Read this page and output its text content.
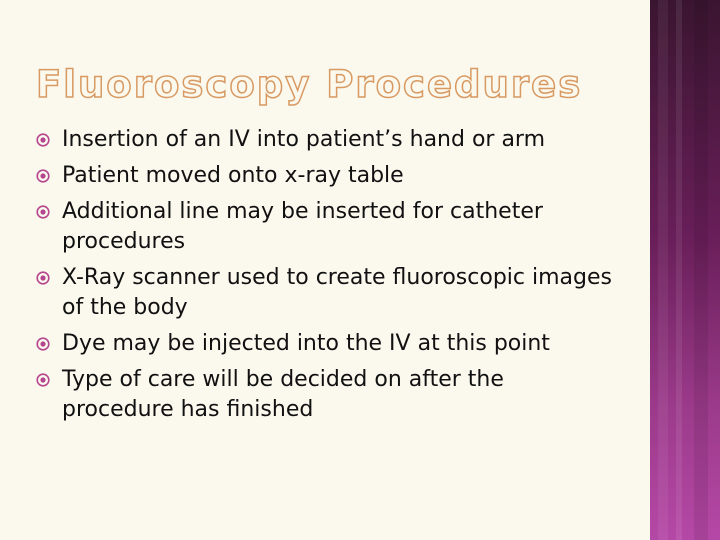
Fluoroscopy Procedures
Insertion of an IV into patient’s hand or arm
Patient moved onto x-ray table
Additional line may be inserted for catheter procedures
X-Ray scanner used to create fluoroscopic images of the body
Dye may be injected into the IV at this point
Type of care will be decided on after the procedure has finished
